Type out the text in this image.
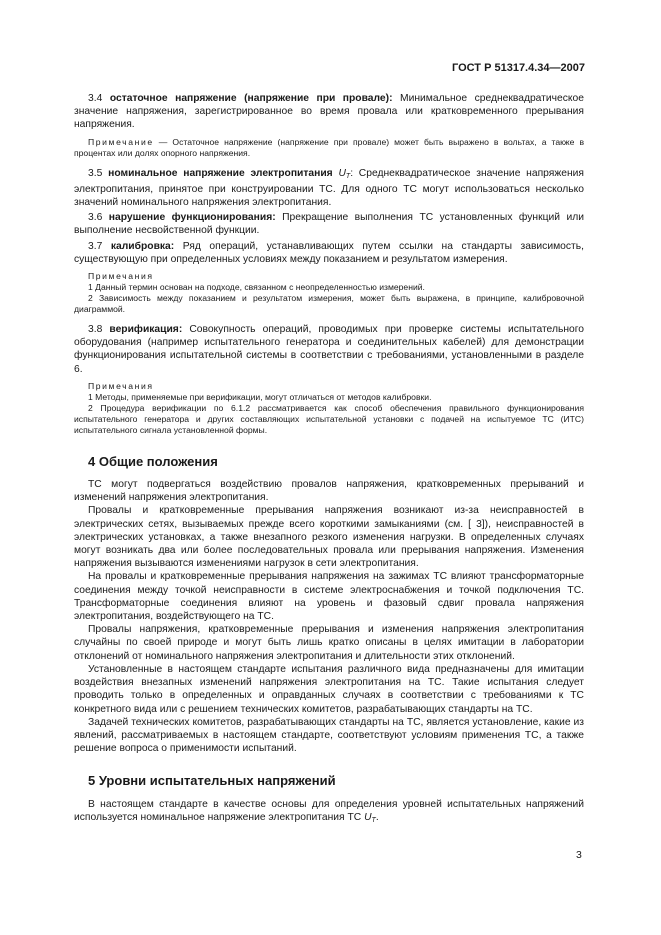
ГОСТ Р 51317.4.34—2007

3.4 остаточное напряжение (напряжение при провале): Минимальное среднеквадратическое значение напряжения, зарегистрированное во время провала или кратковременного прерывания напряжения.

Примечание — Остаточное напряжение (напряжение при провале) может быть выражено в вольтах, а также в процентах или долях опорного напряжения.

3.5 номинальное напряжение электропитания $U_T$: Среднеквадратическое значение напряжения электропитания, принятое при конструировании ТС. Для одного ТС могут использоваться несколько значений номинального напряжения электропитания.

3.6 нарушение функционирования: Прекращение выполнения ТС установленных функций или выполнение несвойственной функции.

3.7 калибровка: Ряд операций, устанавливающих путем ссылки на стандарты зависимость, существующую при определенных условиях между показанием и результатом измерения.

Примечания
1 Данный термин основан на подходе, связанном с неопределенностью измерений.
2 Зависимость между показанием и результатом измерения, может быть выражена, в принципе, калибровочной диаграммой.

3.8 верификация: Совокупность операций, проводимых при проверке системы испытательного оборудования (например испытательного генератора и соединительных кабелей) для демонстрации функционирования испытательной системы в соответствии с требованиями, установленными в разделе 6.

Примечания
1 Методы, применяемые при верификации, могут отличаться от методов калибровки.
2 Процедура верификации по 6.1.2 рассматривается как способ обеспечения правильного функционирования испытательного генератора и других составляющих испытательной установки с подачей на испытуемое ТС (ИТС) испытательного сигнала установленной формы.
4 Общие положения

ТС могут подвергаться воздействию провалов напряжения, кратковременных прерываний и изменений напряжения электропитания.

Провалы и кратковременные прерывания напряжения возникают из-за неисправностей в электрических сетях, вызываемых прежде всего короткими замыканиями (см. [ 3]), неисправностей в электрических установках, а также внезапного резкого изменения нагрузки. В определенных случаях могут возникать два или более последовательных провала или прерывания напряжения. Изменения напряжения вызываются изменениями нагрузок в сети электропитания.

На провалы и кратковременные прерывания напряжения на зажимах ТС влияют трансформаторные соединения между точкой неисправности в системе электроснабжения и точкой подключения ТС. Трансформаторные соединения влияют на уровень и фазовый сдвиг провала напряжения электропитания, воздействующего на ТС.

Провалы напряжения, кратковременные прерывания и изменения напряжения электропитания случайны по своей природе и могут быть лишь кратко описаны в целях имитации в лаборатории отклонений от номинального напряжения электропитания и длительности этих отклонений.

Установленные в настоящем стандарте испытания различного вида предназначены для имитации воздействия внезапных изменений напряжения электропитания на ТС. Такие испытания следует проводить только в определенных и оправданных случаях в соответствии с требованиями к ТС конкретного вида или с решением технических комитетов, разрабатывающих стандарты на ТС.

Задачей технических комитетов, разрабатывающих стандарты на ТС, является установление, какие из явлений, рассматриваемых в настоящем стандарте, соответствуют условиям применения ТС, а также решение вопроса о применимости испытаний.

5 Уровни испытательных напряжений

В настоящем стандарте в качестве основы для определения уровней испытательных напряжений используется номинальное напряжение электропитания ТС $U_T$.

3
